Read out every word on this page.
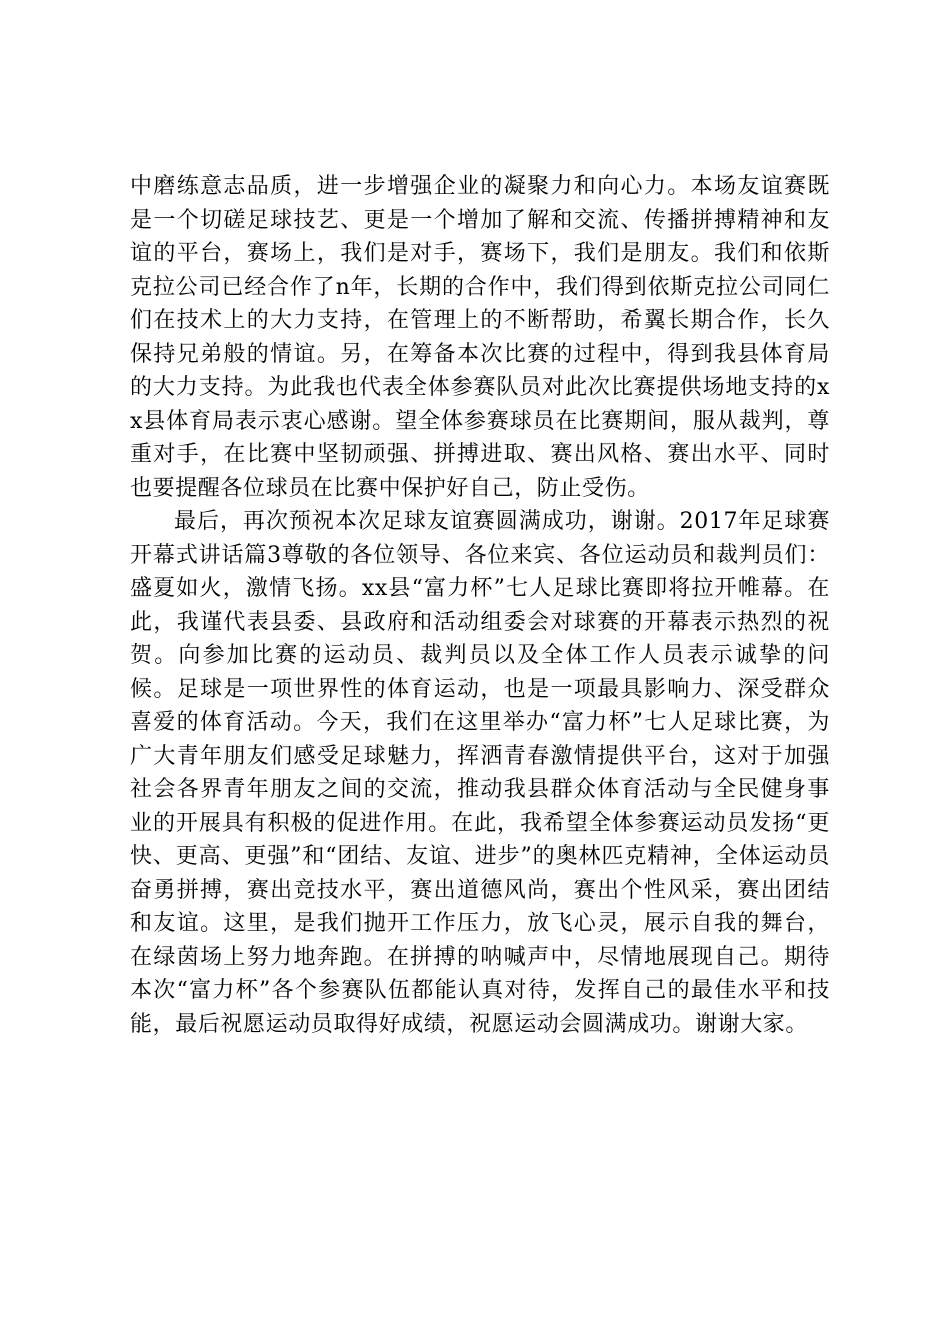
中磨练意志品质，进一步增强企业的凝聚力和向心力。本场友谊赛既是一个切磋足球技艺、更是一个增加了解和交流、传播拼搏精神和友谊的平台，赛场上，我们是对手，赛场下，我们是朋友。我们和依斯克拉公司已经合作了n年，长期的合作中，我们得到依斯克拉公司同仁们在技术上的大力支持，在管理上的不断帮助，希翼长期合作，长久保持兄弟般的情谊。另，在筹备本次比赛的过程中，得到我县体育局的大力支持。为此我也代表全体参赛队员对此次比赛提供场地支持的xx县体育局表示衷心感谢。望全体参赛球员在比赛期间，服从裁判，尊重对手，在比赛中坚韧顽强、拼搏进取、赛出风格、赛出水平、同时也要提醒各位球员在比赛中保护好自己，防止受伤。

最后，再次预祝本次足球友谊赛圆满成功，谢谢。2017年足球赛开幕式讲话篇3尊敬的各位领导、各位来宾、各位运动员和裁判员们：盛夏如火，激情飞扬。xx县“富力杯”七人足球比赛即将拉开帷幕。在此，我谨代表县委、县政府和活动组委会对球赛的开幕表示热烈的祝贺。向参加比赛的运动员、裁判员以及全体工作人员表示诚挚的问候。足球是一项世界性的体育运动，也是一项最具影响力、深受群众喜爱的体育活动。今天，我们在这里举办“富力杯”七人足球比赛，为广大青年朋友们感受足球魅力，挥洒青春激情提供平台，这对于加强社会各界青年朋友之间的交流，推动我县群众体育活动与全民健身事业的开展具有积极的促进作用。在此，我希望全体参赛运动员发扬“更快、更高、更强”和“团结、友谊、进步”的奥林匹克精神，全体运动员奋勇拼搏，赛出竞技水平，赛出道德风尚，赛出个性风采，赛出团结和友谊。这里，是我们抛开工作压力，放飞心灵，展示自我的舞台，在绿茵场上努力地奔跑。在拼搏的呐喊声中，尽情地展现自己。期待本次“富力杯”各个参赛队伍都能认真对待，发挥自己的最佳水平和技能，最后祝愿运动员取得好成绩，祝愿运动会圆满成功。谢谢大家。
